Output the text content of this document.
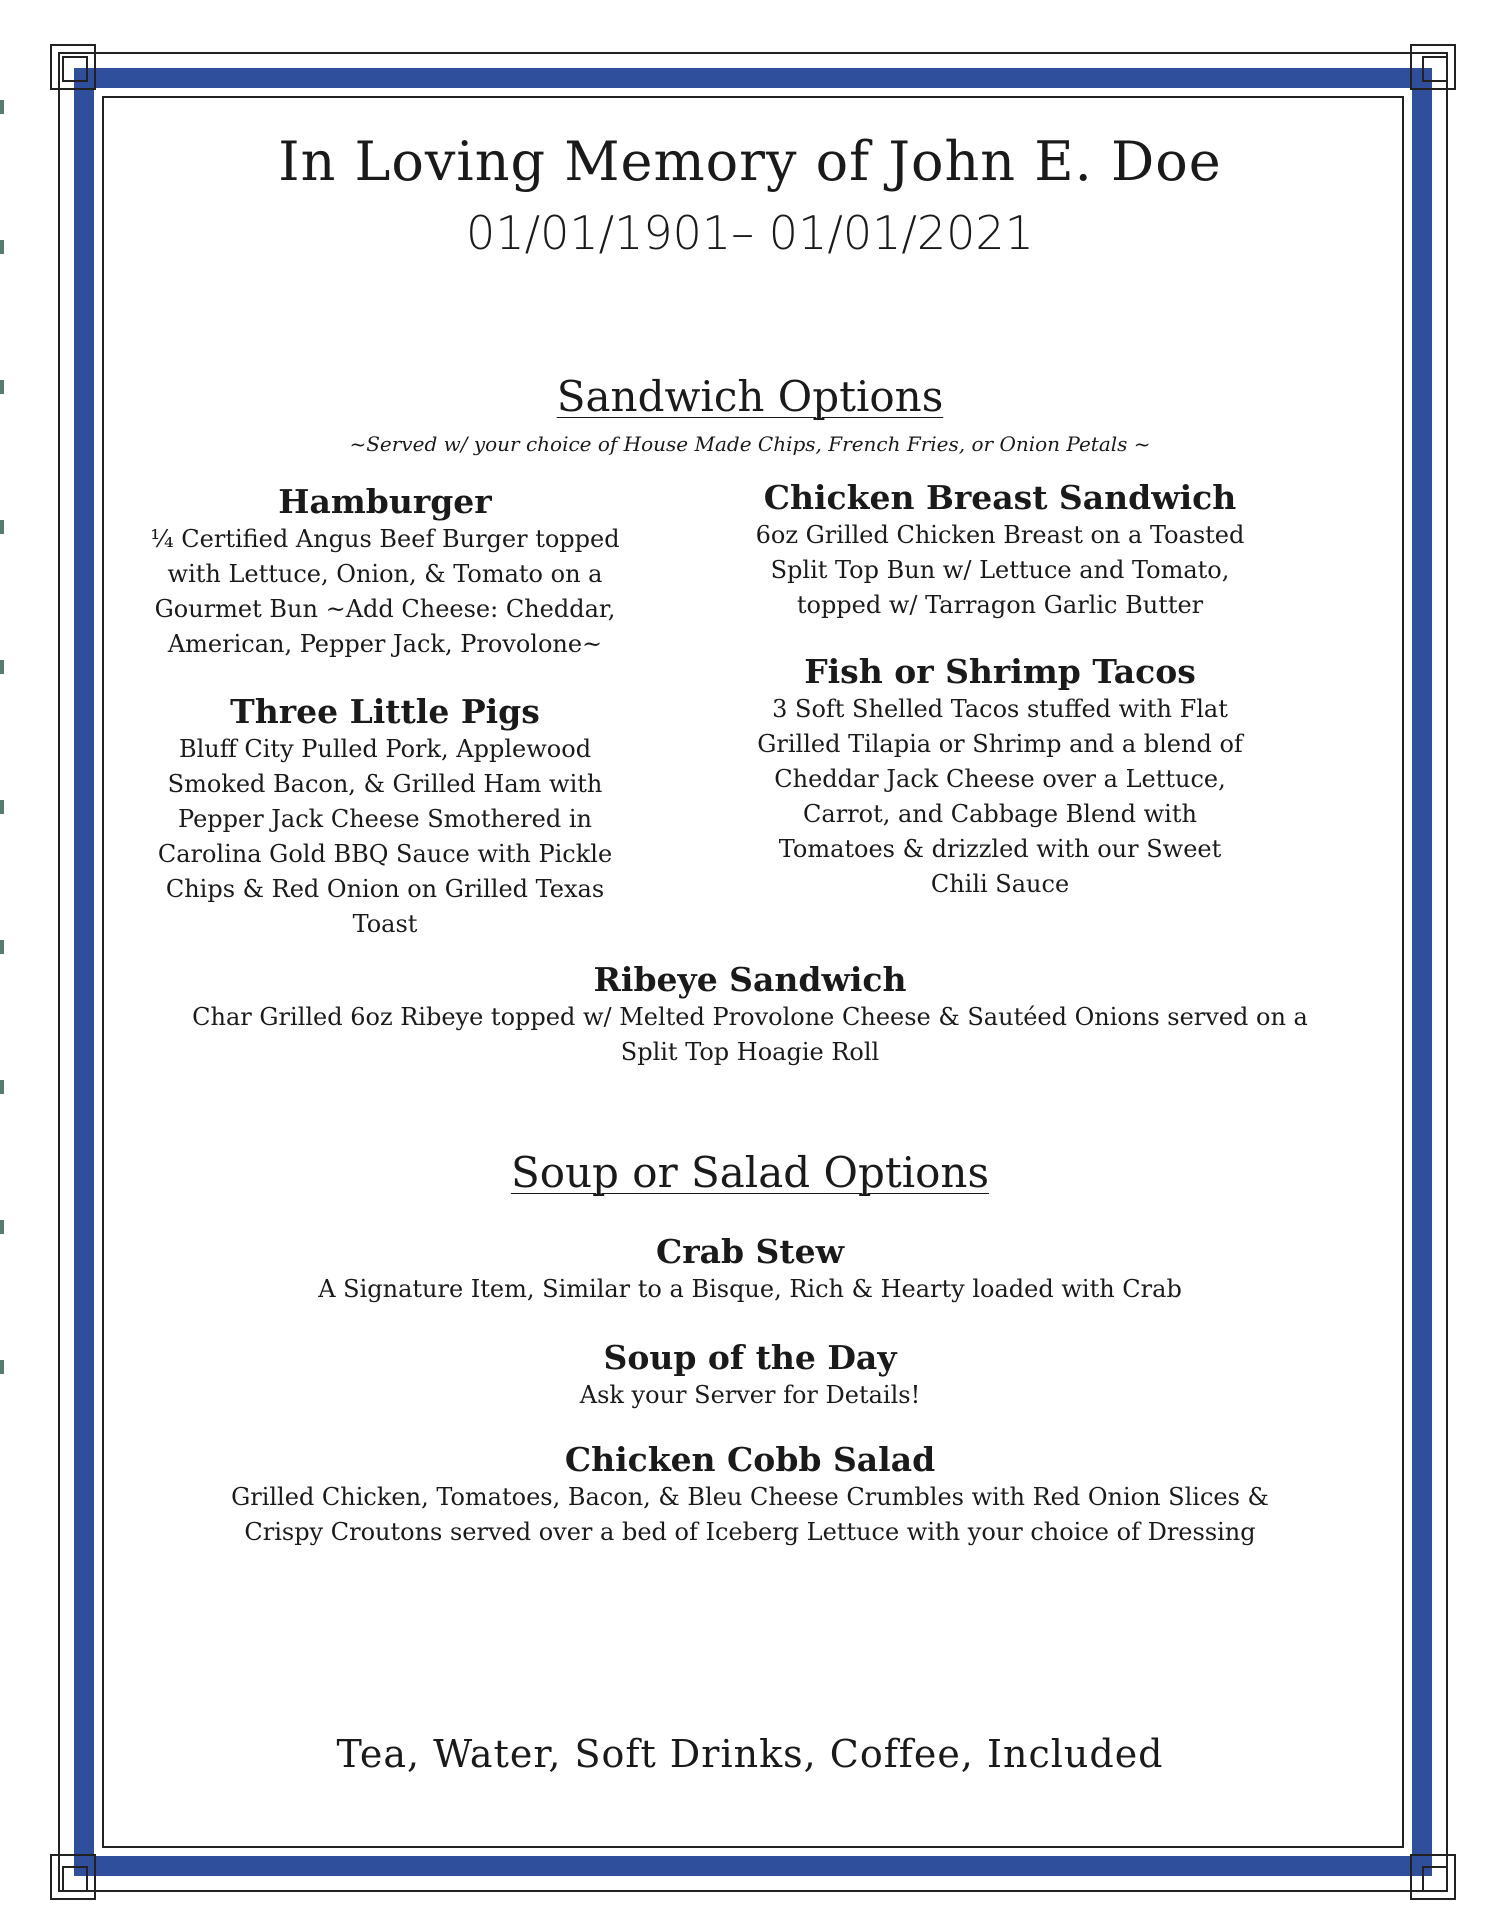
In Loving Memory of John E. Doe
01/01/1901– 01/01/2021
Sandwich Options
~Served w/ your choice of House Made Chips, French Fries, or Onion Petals ~
Hamburger
¼ Certified Angus Beef Burger topped with Lettuce, Onion, & Tomato on a Gourmet Bun ~Add Cheese: Cheddar, American, Pepper Jack, Provolone~
Chicken Breast Sandwich
6oz Grilled Chicken Breast on a Toasted Split Top Bun w/ Lettuce and Tomato, topped w/ Tarragon Garlic Butter
Three Little Pigs
Bluff City Pulled Pork, Applewood Smoked Bacon, & Grilled Ham with Pepper Jack Cheese Smothered in Carolina Gold BBQ Sauce with Pickle Chips & Red Onion on Grilled Texas Toast
Fish or Shrimp Tacos
3 Soft Shelled Tacos stuffed with Flat Grilled Tilapia or Shrimp and a blend of Cheddar Jack Cheese over a Lettuce, Carrot, and Cabbage Blend with Tomatoes & drizzled with our Sweet Chili Sauce
Ribeye Sandwich
Char Grilled 6oz Ribeye topped w/ Melted Provolone Cheese & Sautéed Onions served on a Split Top Hoagie Roll
Soup or Salad Options
Crab Stew
A Signature Item, Similar to a Bisque, Rich & Hearty loaded with Crab
Soup of the Day
Ask your Server for Details!
Chicken Cobb Salad
Grilled Chicken, Tomatoes, Bacon, & Bleu Cheese Crumbles with Red Onion Slices & Crispy Croutons served over a bed of Iceberg Lettuce with your choice of Dressing
Tea, Water, Soft Drinks, Coffee, Included
